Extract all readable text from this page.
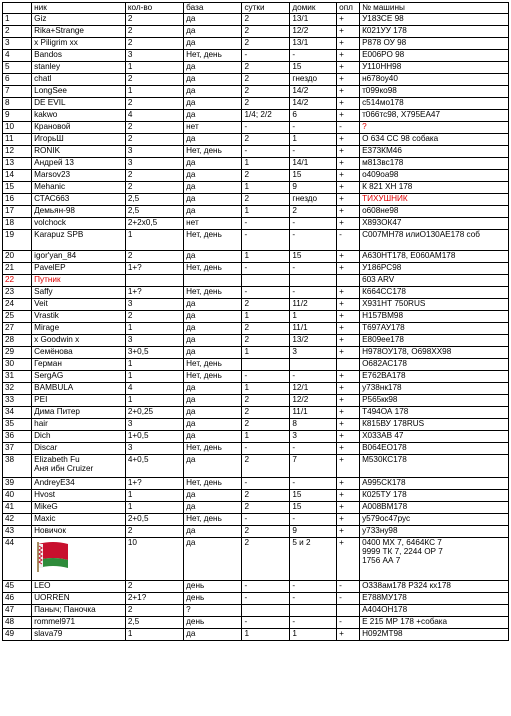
	ник	кол-во	база	сутки	домик	опл	№ машины
1	Giz	2	да	2	13/1	+	У183СЕ 98
2	Rika+Strange	2	да	2	12/2	+	К021УУ 178
3	x Piligrim xx	2	да	2	13/1	+	Р878 ОУ 98
4	Bandos	3	Нет, день	-	-	+	Е006РО 98
5	stanley	1	да	2	15	+	У110НН98
6	chatl	2	да	2	гнездо	+	н678оу40
7	LongSee	1	да	2	14/2	+	т099ко98
8	DE EVIL	2	да	2	14/2	+	с514мо178
9	kakwo	4	да	1/4; 2/2	6	+	т066тс98, Х795ЕА47
10	Крановой	2	нет	-	-	-	?
11	ИгорьШ	2	да	2	1	+	О 634 СС 98 собака
12	RONIK	3	Нет, день	-	-	+	Е373КМ46
13	Андрей 13	3	да	1	14/1	+	м813вс178
14	Marsov23	2	да	2	15	+	о409оа98
15	Mehanic	2	да	1	9	+	К 821 ХН 178
16	СТАС663	2,5	да	2	гнездо	+	ТИХУШНИК
17	Демьян-98	2,5	да	1	2	+	о608не98
18	volchock	2+2х0,5	нет	-	-	+	Х893ОК47
19	Karapuz SPB	1	Нет, день	-	-	-	С007МН78 илиО130АЕ178 соб
20	igor'yan_84	2	да	1	15	+	А630НТ178, Е060АМ178
21	PavelEP	1+?	Нет, день	-	-	+	У186РС98
22	Путник						603 ARV
23	Saffy	1+?	Нет, день	-	-	+	К664СС178
24	Veit	3	да	2	11/2	+	Х931НТ 750RUS
25	Vrastik	2	да	1	1	+	Н157ВМ98
27	Mirage	1	да	2	11/1	+	Т697АУ178
28	x Goodwin x	3	да	2	13/2	+	Е809ее178
29	Семёнова	3+0,5	да	1	3	+	Н978ОУ178, О698ХХ98
30	Герман	1	Нет, день				О682АС178
31	SergAG	1	Нет, день	-	-	+	Е762ВА178
32	BAMBULA	4	да	1	12/1	+	у738нк178
33	PEI	1	да	2	12/2	+	Р565кк98
34	Дима Питер	2+0,25	да	2	11/1	+	Т494ОА 178
35	hair	3	да	2	8	+	К815ВУ 178RUS
36	Dich	1+0,5	да	1	3	+	Х033АВ 47
37	Discar	3	Нет, день	-	-	+	В064ЕО178
38	Elizabeth Fu
Аня ибн Cruizer	4+0,5	да	2	7	+	М530КС178
39	AndreyE34	1+?	Нет, день	-	-	+	А995СК178
40	Hvost	1	да	2	15	+	К025ТУ 178
41	MikeG	1	да	2	15	+	А008ВМ178
42	Maxic	2+0,5	Нет, день	-	-	+	у579ос47рус
43	Новичок	2	да	2	9	+	у733ну98
44		10	да	2	5 и 2	+	0400 МХ 7, 6464КС 7
9999 ТК 7, 2244 ОР 7
1756 АА 7

45	LEO	2	день	-	-	-	О338ам178 Р324 кх178
46	UORREN	2+1?	день	-	-	-	Е788МУ178
47	Паныч; Паночка	2	?				А404ОН178
48	rommel971	2,5	день	-	-	-	Е 215 МР 178 +собака
49	slava79	1	да	1	1	+	Н092МТ98
